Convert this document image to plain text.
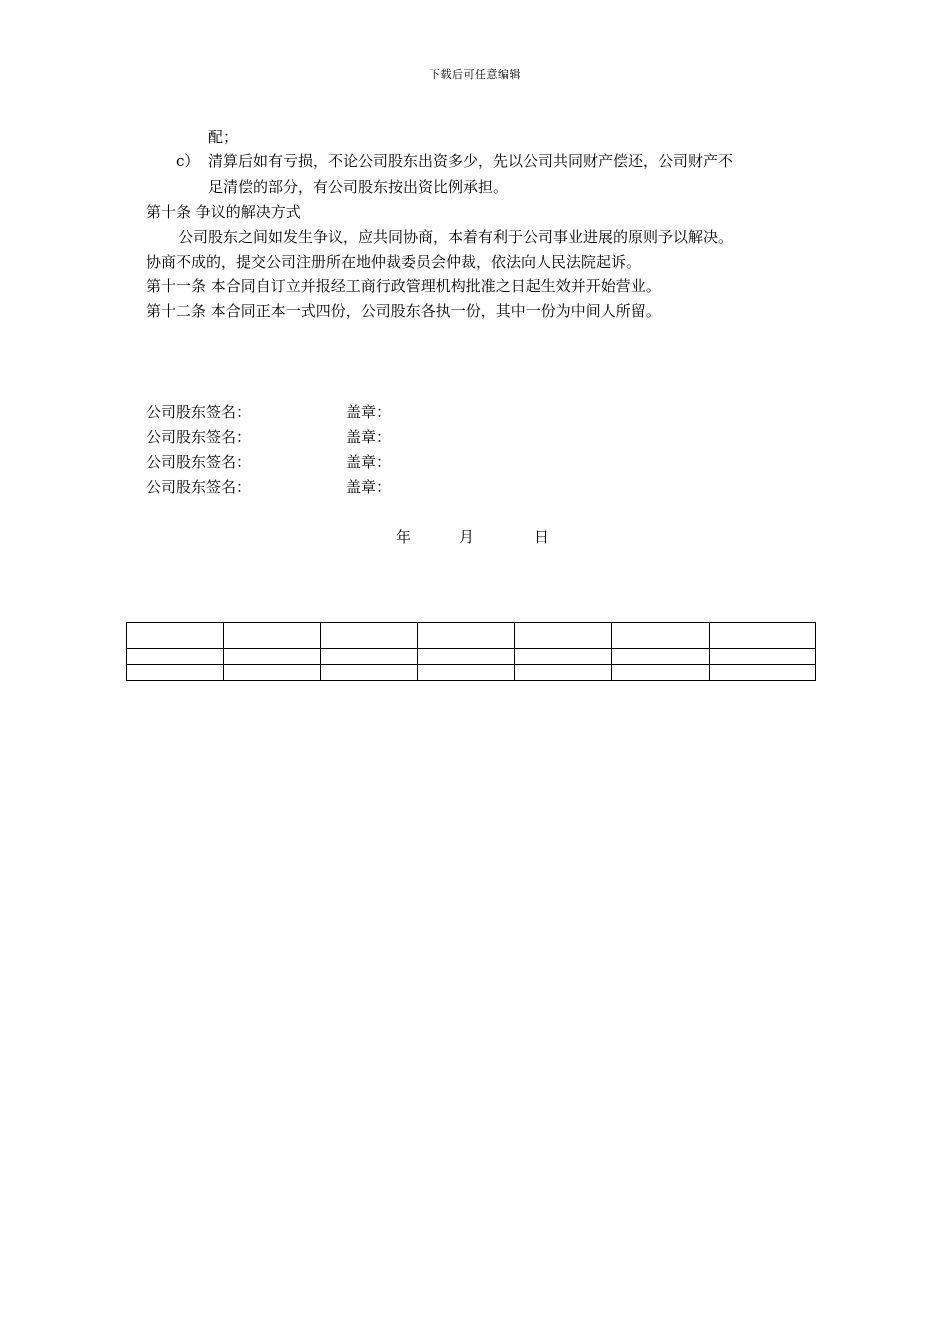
下载后可任意编辑
配；
c） 清算后如有亏损，不论公司股东出资多少，先以公司共同财产偿还，公司财产不
足清偿的部分，有公司股东按出资比例承担。
第十条 争议的解决方式
公司股东之间如发生争议，应共同协商，本着有利于公司事业进展的原则予以解决。
协商不成的，提交公司注册所在地仲裁委员会仲裁，依法向人民法院起诉。
第十一条 本合同自订立并报经工商行政管理机构批准之日起生效并开始营业。
第十二条 本合同正本一式四份，公司股东各执一份，其中一份为中间人所留。
公司股东签名：	盖章：
公司股东签名：	盖章：
公司股东签名：	盖章：
公司股东签名：	盖章：
年	月	日
